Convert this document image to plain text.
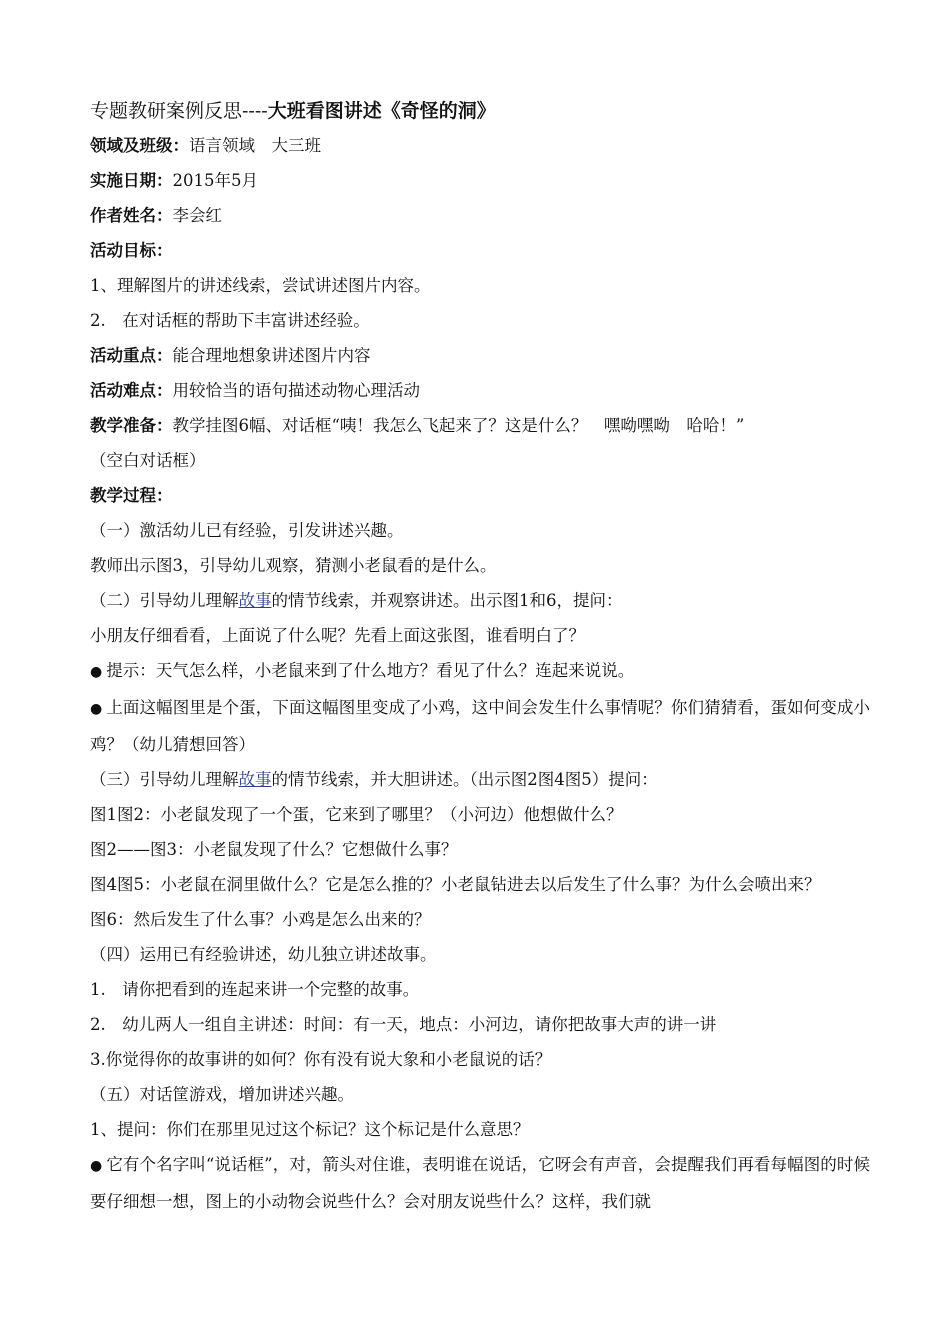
专题教研案例反思----大班看图讲述《奇怪的洞》
领域及班级：语言领域　大三班
实施日期：2015年5月
作者姓名：李会红
活动目标：
1、理解图片的讲述线索，尝试讲述图片内容。
2.　在对话框的帮助下丰富讲述经验。
活动重点：能合理地想象讲述图片内容
活动难点：用较恰当的语句描述动物心理活动
教学准备：教学挂图6幅、对话框“咦！我怎么飞起来了？这是什么？　嘿呦嘿呦　哈哈！”
（空白对话框）
教学过程：
（一）激活幼儿已有经验，引发讲述兴趣。
教师出示图3，引导幼儿观察，猜测小老鼠看的是什么。
（二）引导幼儿理解故事的情节线索，并观察讲述。出示图1和6，提问：
小朋友仔细看看，上面说了什么呢？先看上面这张图，谁看明白了？
● 提示：天气怎么样，小老鼠来到了什么地方？看见了什么？连起来说说。
● 上面这幅图里是个蛋，下面这幅图里变成了小鸡，这中间会发生什么事情呢？你们猜猜看，蛋如何变成小鸡？（幼儿猜想回答）
（三）引导幼儿理解故事的情节线索，并大胆讲述。（出示图2图4图5）提问：
图1图2：小老鼠发现了一个蛋，它来到了哪里？（小河边）他想做什么？
图2——图3：小老鼠发现了什么？它想做什么事？
图4图5：小老鼠在洞里做什么？它是怎么推的？小老鼠钻进去以后发生了什么事？为什么会喷出来？
图6：然后发生了什么事？小鸡是怎么出来的？
（四）运用已有经验讲述，幼儿独立讲述故事。
1.　请你把看到的连起来讲一个完整的故事。
2.　幼儿两人一组自主讲述：时间：有一天，地点：小河边，请你把故事大声的讲一讲
3.你觉得你的故事讲的如何？你有没有说大象和小老鼠说的话？
（五）对话筐游戏，增加讲述兴趣。
1、提问：你们在那里见过这个标记？这个标记是什么意思？
● 它有个名字叫“说话框”，对，箭头对住谁，表明谁在说话，它呀会有声音，会提醒我们再看每幅图的时候要仔细想一想，图上的小动物会说些什么？会对朋友说些什么？这样，我们就
